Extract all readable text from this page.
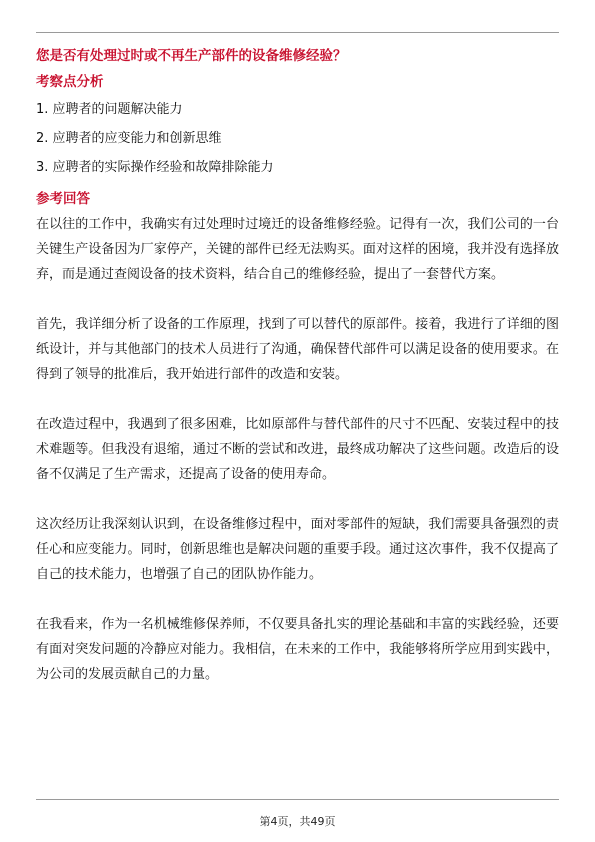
您是否有处理过时或不再生产部件的设备维修经验？
考察点分析
1. 应聘者的问题解决能力
2. 应聘者的应变能力和创新思维
3. 应聘者的实际操作经验和故障排除能力
参考回答

在以往的工作中，我确实有过处理时过境迁的设备维修经验。记得有一次，我们公司的一台关键生产设备因为厂家停产，关键的部件已经无法购买。面对这样的困境，我并没有选择放弃，而是通过查阅设备的技术资料，结合自己的维修经验，提出了一套替代方案。

首先，我详细分析了设备的工作原理，找到了可以替代的原部件。接着，我进行了详细的图纸设计，并与其他部门的技术人员进行了沟通，确保替代部件可以满足设备的使用要求。在得到了领导的批准后，我开始进行部件的改造和安装。

在改造过程中，我遇到了很多困难，比如原部件与替代部件的尺寸不匹配、安装过程中的技术难题等。但我没有退缩，通过不断的尝试和改进，最终成功解决了这些问题。改造后的设备不仅满足了生产需求，还提高了设备的使用寿命。

这次经历让我深刻认识到，在设备维修过程中，面对零部件的短缺，我们需要具备强烈的责任心和应变能力。同时，创新思维也是解决问题的重要手段。通过这次事件，我不仅提高了自己的技术能力，也增强了自己的团队协作能力。

在我看来，作为一名机械维修保养师，不仅要具备扎实的理论基础和丰富的实践经验，还要有面对突发问题的冷静应对能力。我相信，在未来的工作中，我能够将所学应用到实践中，为公司的发展贡献自己的力量。

第4页，共49页
